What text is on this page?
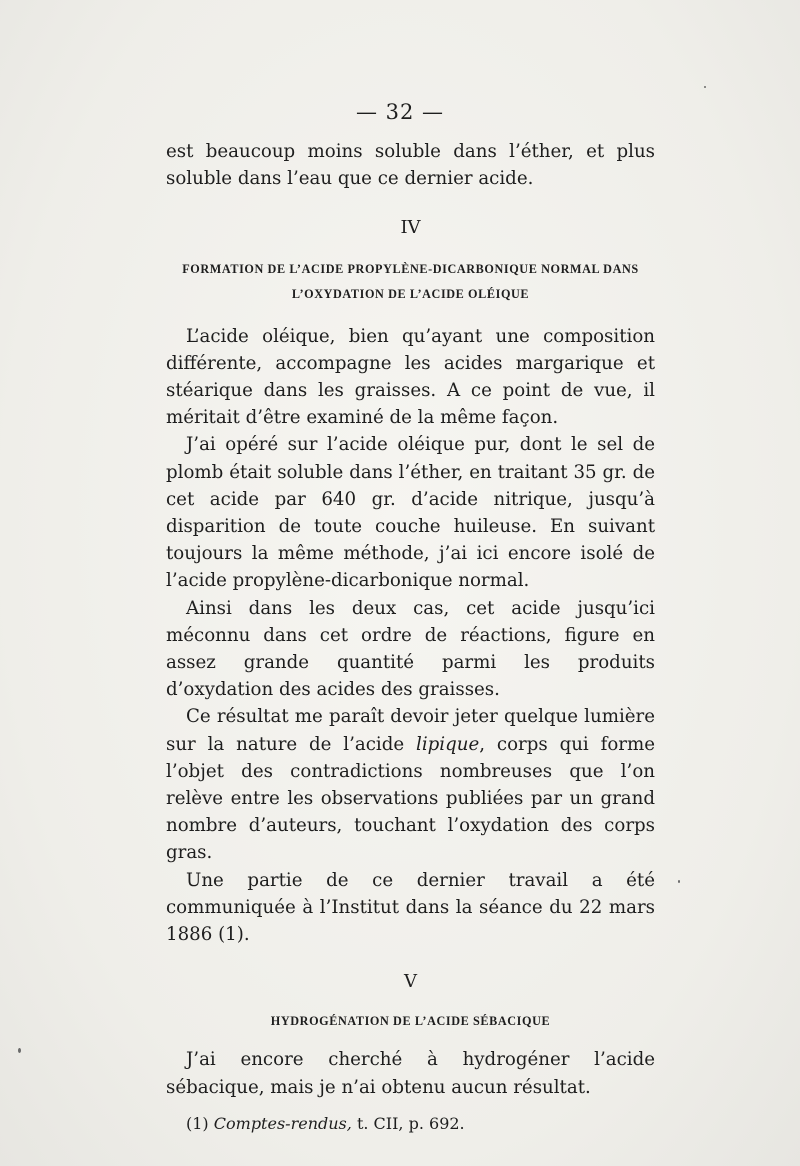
— 32 —

est beaucoup moins soluble dans l’éther, et plus soluble dans l’eau que ce dernier acide.

IV

FORMATION DE L’ACIDE PROPYLÈNE-DICARBONIQUE NORMAL DANS

L’OXYDATION DE L’ACIDE OLÉIQUE

L’acide oléique, bien qu’ayant une composition différente, accompagne les acides margarique et stéarique dans les graisses. A ce point de vue, il méritait d’être examiné de la même façon.

J’ai opéré sur l’acide oléique pur, dont le sel de plomb était soluble dans l’éther, en traitant 35 gr. de cet acide par 640 gr. d’acide nitrique, jusqu’à disparition de toute couche huileuse. En suivant toujours la même méthode, j’ai ici encore isolé de l’acide propylène-dicarbonique normal.

Ainsi dans les deux cas, cet acide jusqu’ici méconnu dans cet ordre de réactions, figure en assez grande quantité parmi les produits d’oxydation des acides des graisses.

Ce résultat me paraît devoir jeter quelque lumière sur la nature de l’acide lipique, corps qui forme l’objet des contradictions nombreuses que l’on relève entre les observations publiées par un grand nombre d’auteurs, touchant l’oxydation des corps gras.

Une partie de ce dernier travail a été communiquée à l’Institut dans la séance du 22 mars 1886 (1).

V

HYDROGÉNATION DE L’ACIDE SÉBACIQUE

J’ai encore cherché à hydrogéner l’acide sébacique, mais je n’ai obtenu aucun résultat.

(1) Comptes-rendus, t. CII, p. 692.
